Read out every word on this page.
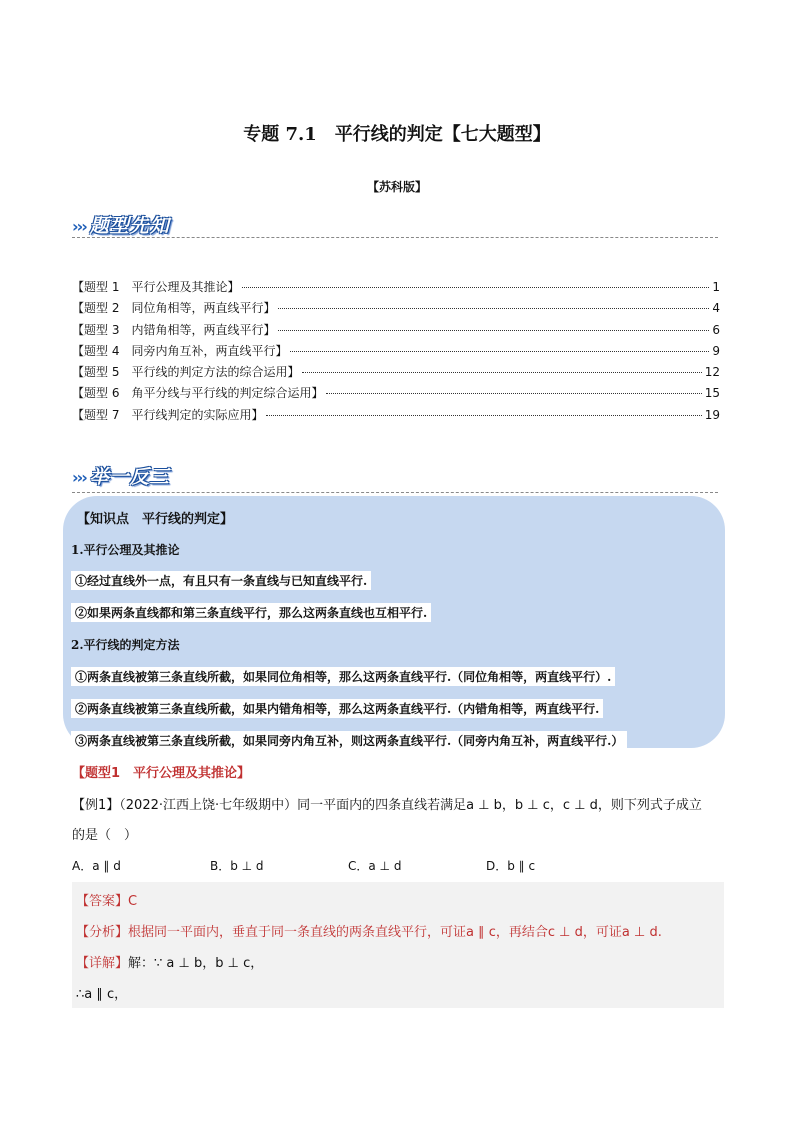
专题 7.1　平行线的判定【七大题型】
【苏科版】
››› 题型先知
【题型 1　平行公理及其推论】	1
【题型 2　同位角相等，两直线平行】	4
【题型 3　内错角相等，两直线平行】	6
【题型 4　同旁内角互补，两直线平行】	9
【题型 5　平行线的判定方法的综合运用】	12
【题型 6　角平分线与平行线的判定综合运用】	15
【题型 7　平行线判定的实际应用】	19
››› 举一反三
【知识点　平行线的判定】
1.平行公理及其推论
①经过直线外一点，有且只有一条直线与已知直线平行.
②如果两条直线都和第三条直线平行，那么这两条直线也互相平行.
2.平行线的判定方法
①两条直线被第三条直线所截，如果同位角相等，那么这两条直线平行.（同位角相等，两直线平行）.
②两条直线被第三条直线所截，如果内错角相等，那么这两条直线平行.（内错角相等，两直线平行.
③两条直线被第三条直线所截，如果同旁内角互补，则这两条直线平行.（同旁内角互补，两直线平行.）
【题型1　平行公理及其推论】
【例1】（2022·江西上饶·七年级期中）同一平面内的四条直线若满足a ⊥ b，b ⊥ c，c ⊥ d，则下列式子成立
的是（　）
A．a ∥ d	B．b ⊥ d	C．a ⊥ d	D．b ∥ c
【答案】C
【分析】根据同一平面内，垂直于同一条直线的两条直线平行，可证a ∥ c，再结合c ⊥ d，可证a ⊥ d.
【详解】解：∵ a ⊥ b，b ⊥ c，
∴a ∥ c，
